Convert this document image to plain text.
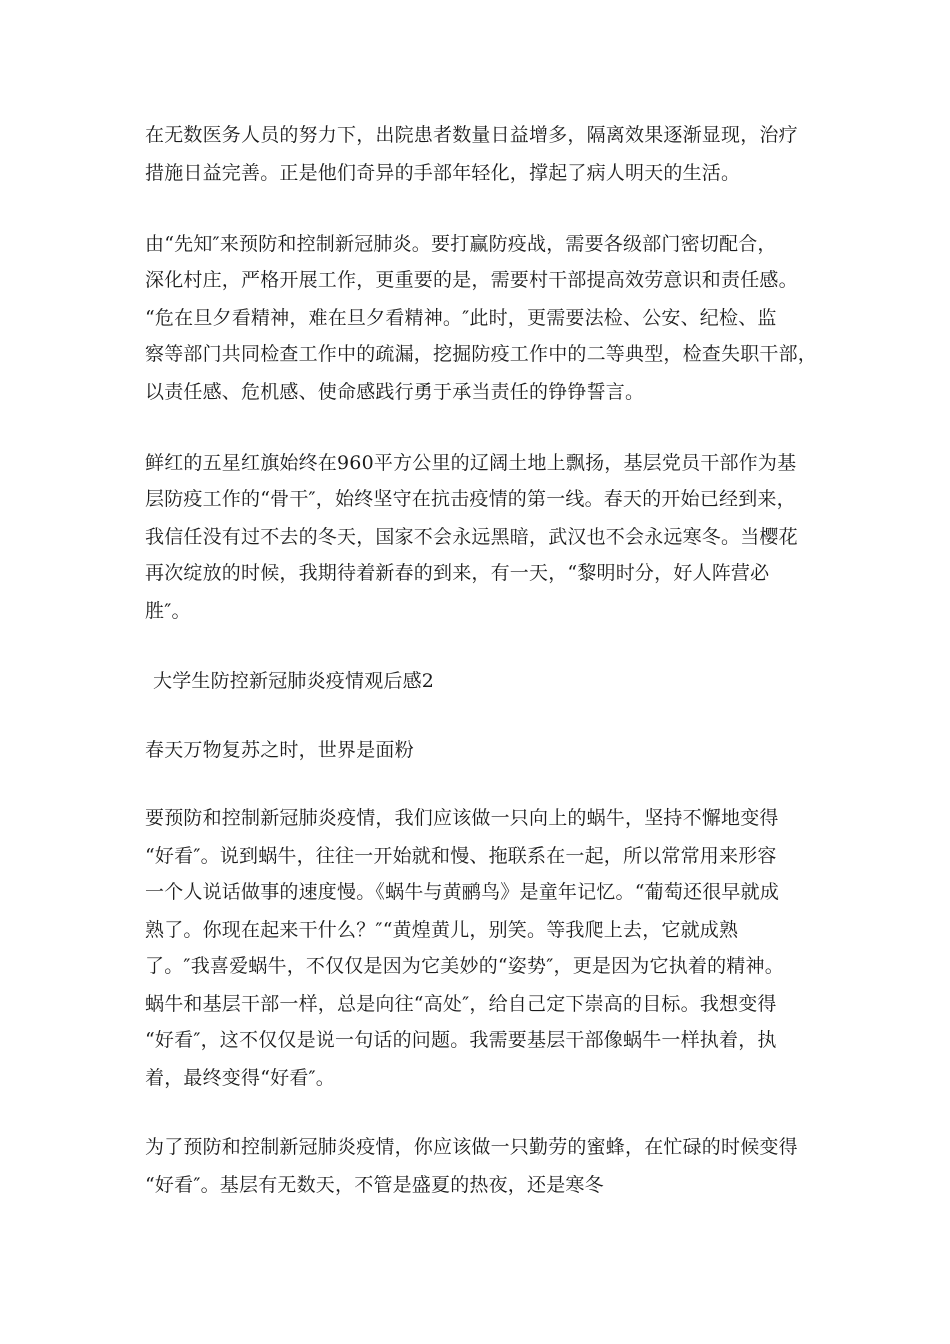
在无数医务人员的努力下，出院患者数量日益增多，隔离效果逐渐显现，治疗
措施日益完善。正是他们奇异的手部年轻化，撑起了病人明天的生活。
由“先知″来预防和控制新冠肺炎。要打赢防疫战，需要各级部门密切配合，
深化村庄，严格开展工作，更重要的是，需要村干部提高效劳意识和责任感。
“危在旦夕看精神，难在旦夕看精神。″此时，更需要法检、公安、纪检、监
察等部门共同检查工作中的疏漏，挖掘防疫工作中的二等典型，检查失职干部，
以责任感、危机感、使命感践行勇于承当责任的铮铮誓言。
鲜红的五星红旗始终在960平方公里的辽阔土地上飘扬，基层党员干部作为基
层防疫工作的“骨干″，始终坚守在抗击疫情的第一线。春天的开始已经到来，
我信任没有过不去的冬天，国家不会永远黑暗，武汉也不会永远寒冬。当樱花
再次绽放的时候，我期待着新春的到来，有一天，“黎明时分，好人阵营必
胜″。
大学生防控新冠肺炎疫情观后感2
春天万物复苏之时，世界是面粉
要预防和控制新冠肺炎疫情，我们应该做一只向上的蜗牛，坚持不懈地变得
“好看″。说到蜗牛，往往一开始就和慢、拖联系在一起，所以常常用来形容
一个人说话做事的速度慢。《蜗牛与黄鹂鸟》是童年记忆。“葡萄还很早就成
熟了。你现在起来干什么？″“黄煌黄儿，别笑。等我爬上去，它就成熟
了。″我喜爱蜗牛，不仅仅是因为它美妙的“姿势″，更是因为它执着的精神。
蜗牛和基层干部一样，总是向往“高处″，给自己定下崇高的目标。我想变得
“好看″，这不仅仅是说一句话的问题。我需要基层干部像蜗牛一样执着，执
着，最终变得“好看″。
为了预防和控制新冠肺炎疫情，你应该做一只勤劳的蜜蜂，在忙碌的时候变得
“好看″。基层有无数天，不管是盛夏的热夜，还是寒冬
